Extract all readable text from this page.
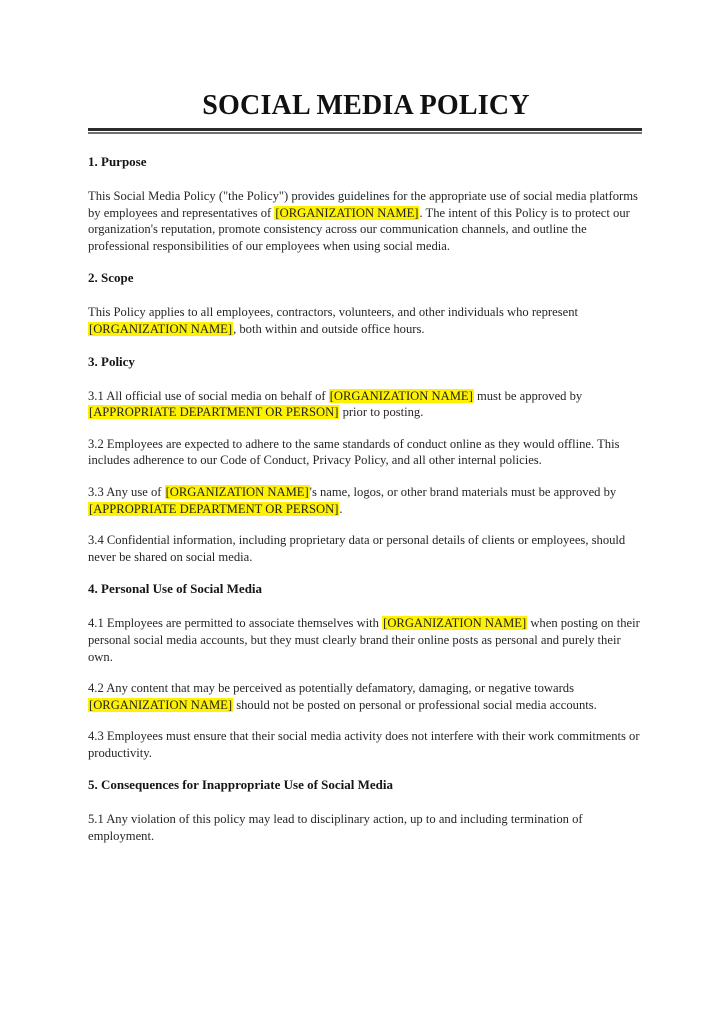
SOCIAL MEDIA POLICY
1. Purpose

This Social Media Policy ("the Policy") provides guidelines for the appropriate use of social media platforms by employees and representatives of [ORGANIZATION NAME]. The intent of this Policy is to protect our organization's reputation, promote consistency across our communication channels, and outline the professional responsibilities of our employees when using social media.

2. Scope

This Policy applies to all employees, contractors, volunteers, and other individuals who represent [ORGANIZATION NAME], both within and outside office hours.

3. Policy

3.1 All official use of social media on behalf of [ORGANIZATION NAME] must be approved by [APPROPRIATE DEPARTMENT OR PERSON] prior to posting.

3.2 Employees are expected to adhere to the same standards of conduct online as they would offline. This includes adherence to our Code of Conduct, Privacy Policy, and all other internal policies.

3.3 Any use of [ORGANIZATION NAME]'s name, logos, or other brand materials must be approved by [APPROPRIATE DEPARTMENT OR PERSON].

3.4 Confidential information, including proprietary data or personal details of clients or employees, should never be shared on social media.

4. Personal Use of Social Media

4.1 Employees are permitted to associate themselves with [ORGANIZATION NAME] when posting on their personal social media accounts, but they must clearly brand their online posts as personal and purely their own.

4.2 Any content that may be perceived as potentially defamatory, damaging, or negative towards [ORGANIZATION NAME] should not be posted on personal or professional social media accounts.

4.3 Employees must ensure that their social media activity does not interfere with their work commitments or productivity.

5. Consequences for Inappropriate Use of Social Media

5.1 Any violation of this policy may lead to disciplinary action, up to and including termination of employment.
